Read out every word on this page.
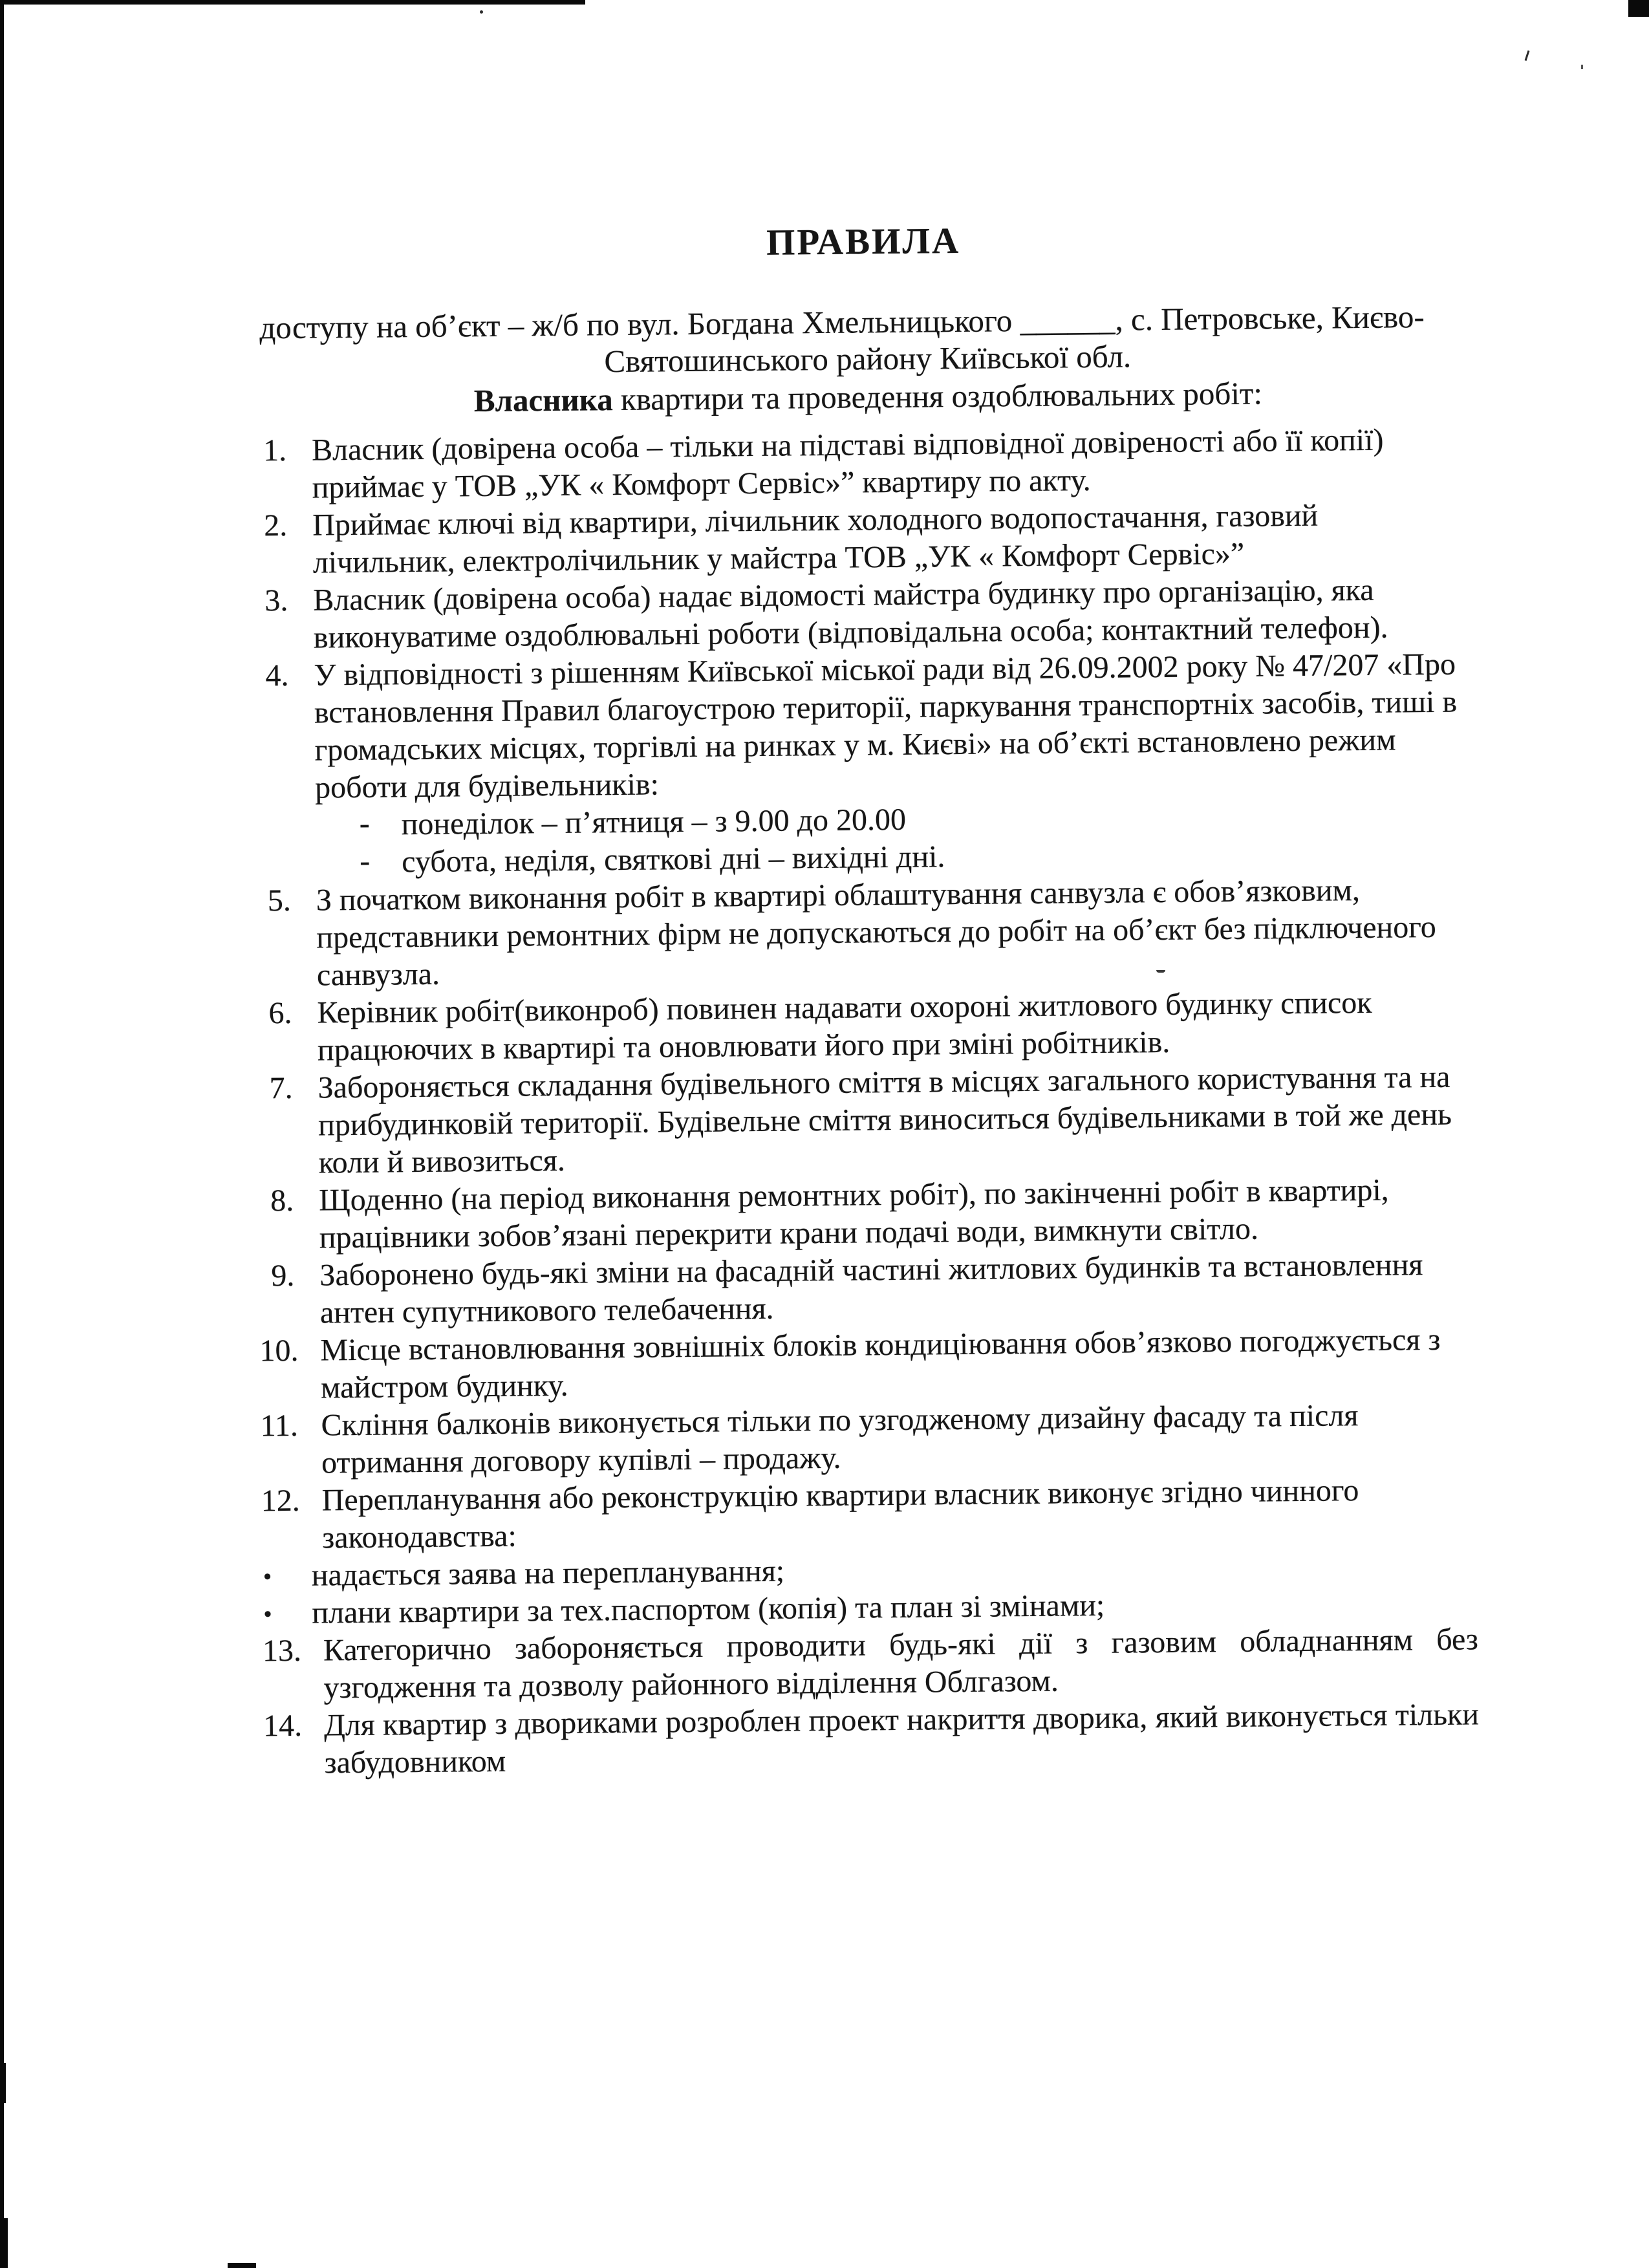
ПРАВИЛА
доступу на об’єкт – ж/б по вул. Богдана Хмельницького ______, с. Петровське, Києво-
Святошинського району Київської обл.
Власника квартири та проведення оздоблювальних робіт:
1. Власник (довірена особа – тільки на підставі відповідної довіреності або її копії) приймає у ТОВ „УК « Комфорт Сервіс»” квартиру по акту.
2. Приймає ключі від квартири, лічильник холодного водопостачання, газовий лічильник, електролічильник у майстра ТОВ „УК « Комфорт Сервіс»”
3. Власник (довірена особа) надає відомості майстра будинку про організацію, яка виконуватиме оздоблювальні роботи (відповідальна особа; контактний телефон).
4. У відповідності з рішенням Київської міської ради від 26.09.2002 року № 47/207 «Про встановлення Правил благоустрою території, паркування транспортніх засобів, тиші в громадських місцях, торгівлі на ринках у м. Києві» на об’єкті встановлено режим роботи для будівельників:
- понеділок – п’ятниця – з 9.00 до 20.00
- субота, неділя, святкові дні – вихідні дні.
5. З початком виконання робіт в квартирі облаштування санвузла є обов’язковим, представники ремонтних фірм не допускаються до робіт на об’єкт без підключеного санвузла.
6. Керівник робіт(виконроб) повинен надавати охороні житлового будинку список працюючих в квартирі та оновлювати його при зміні робітників.
7. Забороняється складання будівельного сміття в місцях загального користування та на прибудинковій території. Будівельне сміття виноситься будівельниками в той же день коли й вивозиться.
8. Щоденно (на період виконання ремонтних робіт), по закінченні робіт в квартирі, працівники зобов’язані перекрити крани подачі води, вимкнути світло.
9. Заборонено будь-які зміни на фасадній частині житлових будинків та встановлення антен супутникового телебачення.
10. Місце встановлювання зовнішніх блоків кондиціювання обов’язково погоджується з майстром будинку.
11. Скління балконів виконується тільки по узгодженому дизайну фасаду та після отримання договору купівлі – продажу.
12. Перепланування або реконструкцію квартири власник виконує згідно чинного законодавства:
• надається заява на перепланування;
• плани квартири за тех.паспортом (копія) та план зі змінами;
13. Категорично забороняється проводити будь-які дії з газовим обладнанням без узгодження та дозволу районного відділення Облгазом.
14. Для квартир з двориками розроблен проект накриття дворика, який виконується тільки забудовником
